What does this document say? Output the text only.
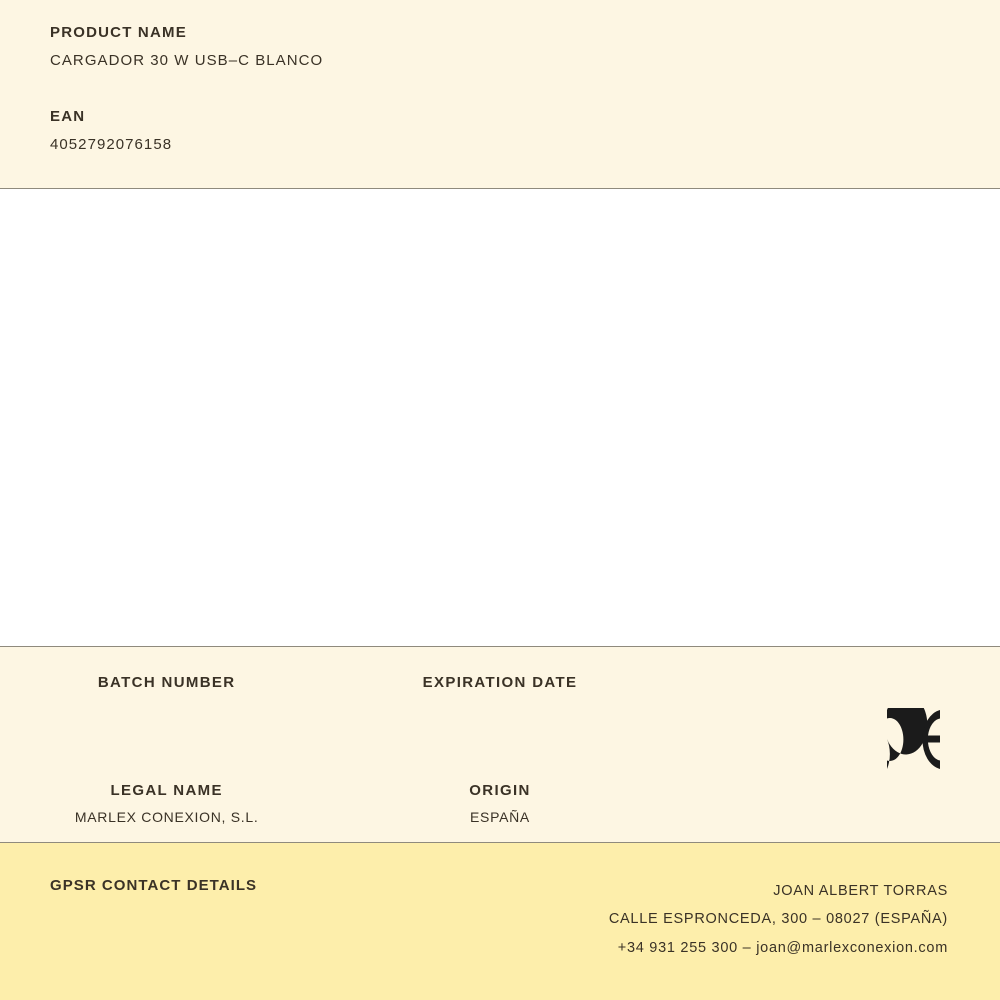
PRODUCT NAME
CARGADOR 30 W USB–C BLANCO
EAN
4052792076158
BATCH NUMBER	EXPIRATION DATE
LEGAL NAME
MARLEX CONEXION, S.L.
ORIGIN
ESPAÑA
GPSR CONTACT DETAILS	JOAN ALBERT TORRAS
CALLE ESPRONCEDA, 300 – 08027 (ESPAÑA)
+34 931 255 300 – joan@marlexconexion.com
